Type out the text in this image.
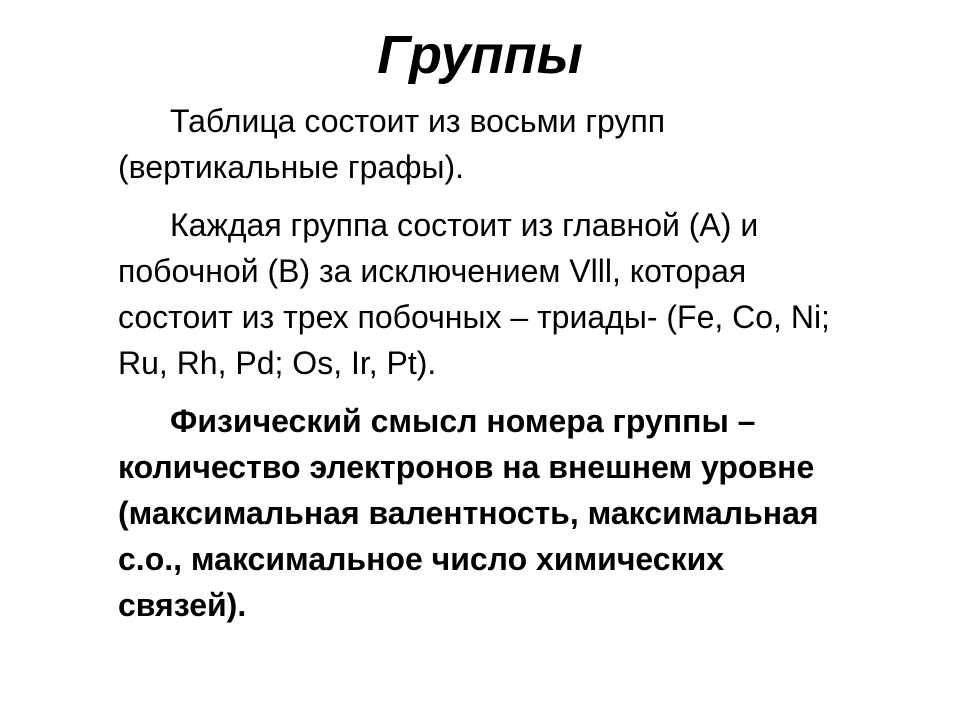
Группы

Таблица состоит из восьми групп (вертикальные графы).

Каждая группа состоит из главной (А) и побочной (В) за исключением Vlll, которая состоит из трех побочных – триады- (Fe, Co, Ni; Ru, Rh, Pd; Os, Ir, Pt).

Физический смысл номера группы – количество электронов на внешнем уровне (максимальная валентность, максимальная с.о., максимальное число химических связей).
